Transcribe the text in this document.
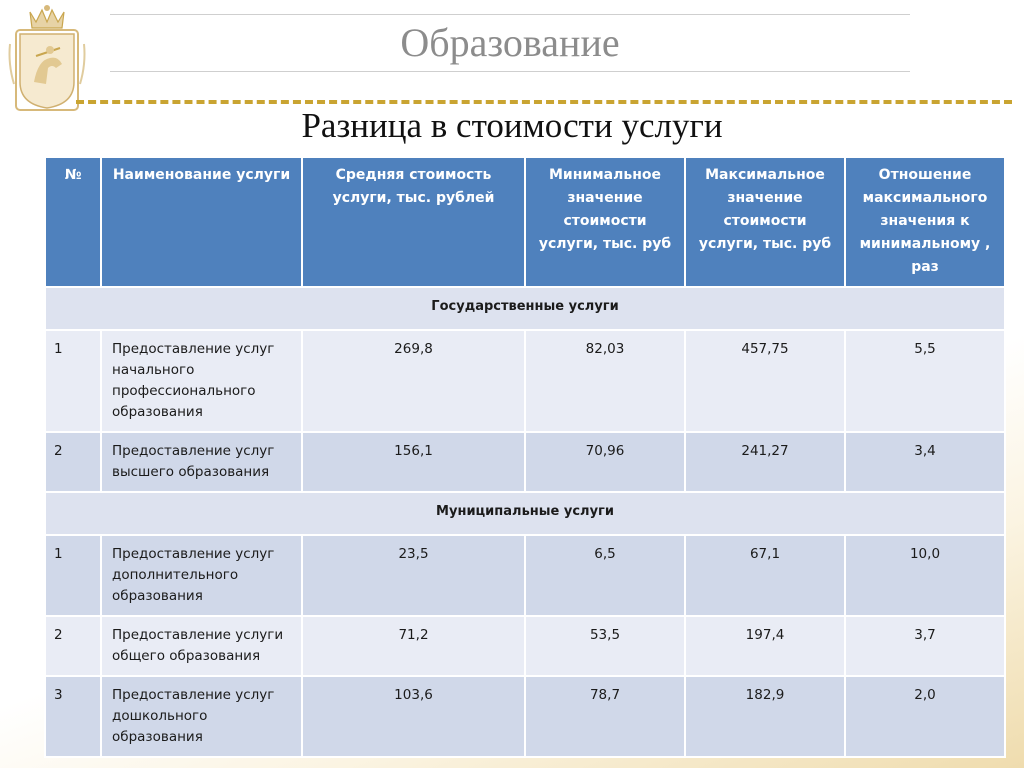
Образование
Разница в стоимости услуги
№	Наименование услуги	Средняя стоимость услуги, тыс. рублей	Минимальное значение стоимости услуги, тыс. руб	Максимальное значение стоимости услуги, тыс. руб	Отношение максимального значения к минимальному , раз
Государственные услуги					
1	Предоставление услуг начального профессионального образования	269,8	82,03	457,75	5,5
2	Предоставление услуг высшего образования	156,1	70,96	241,27	3,4
Муниципальные услуги					
1	Предоставление услуг дополнительного образования	23,5	6,5	67,1	10,0
2	Предоставление услуги общего образования	71,2	53,5	197,4	3,7
3	Предоставление услуг дошкольного образования	103,6	78,7	182,9	2,0
